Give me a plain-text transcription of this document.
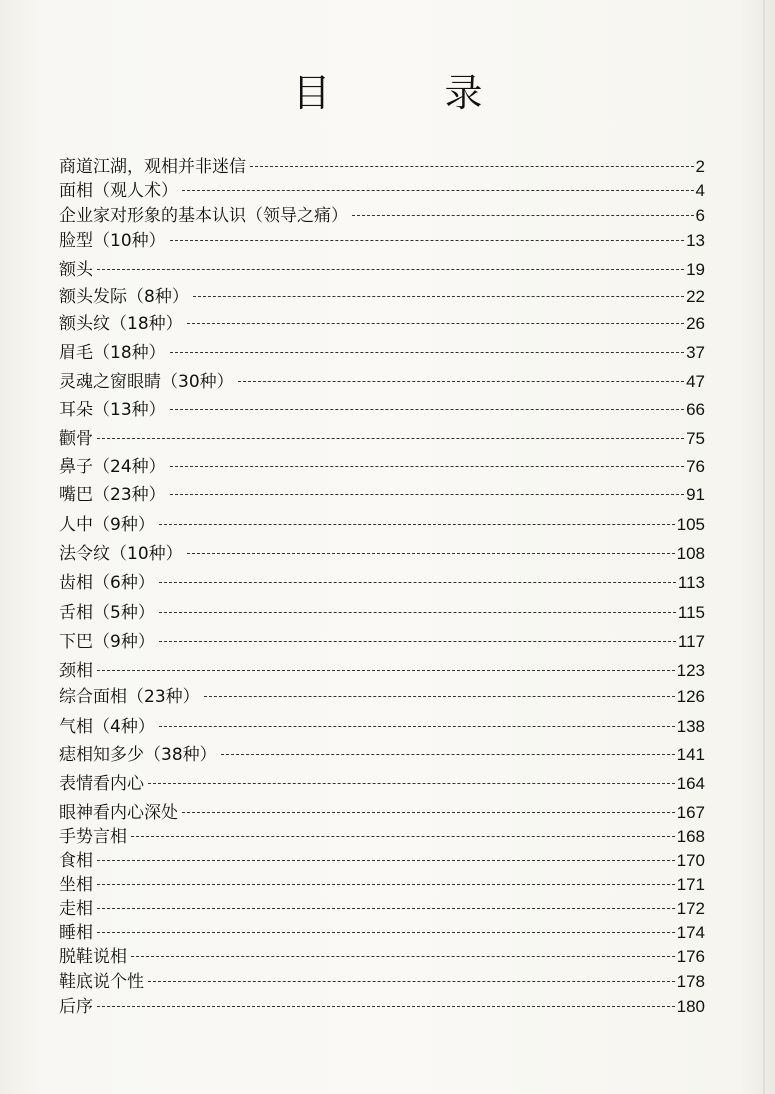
目　录
商道江湖，观相并非迷信	2
面相（观人术）	4
企业家对形象的基本认识（领导之痛）	6
脸型（10种）	13
额头	19
额头发际（8种）	22
额头纹（18种）	26
眉毛（18种）	37
灵魂之窗眼睛（30种）	47
耳朵（13种）	66
颧骨	75
鼻子（24种）	76
嘴巴（23种）	91
人中（9种）	105
法令纹（10种）	108
齿相（6种）	113
舌相（5种）	115
下巴（9种）	117
颈相	123
综合面相（23种）	126
气相（4种）	138
痣相知多少（38种）	141
表情看内心	164
眼神看内心深处	167
手势言相	168
食相	170
坐相	171
走相	172
睡相	174
脱鞋说相	176
鞋底说个性	178
后序	180
